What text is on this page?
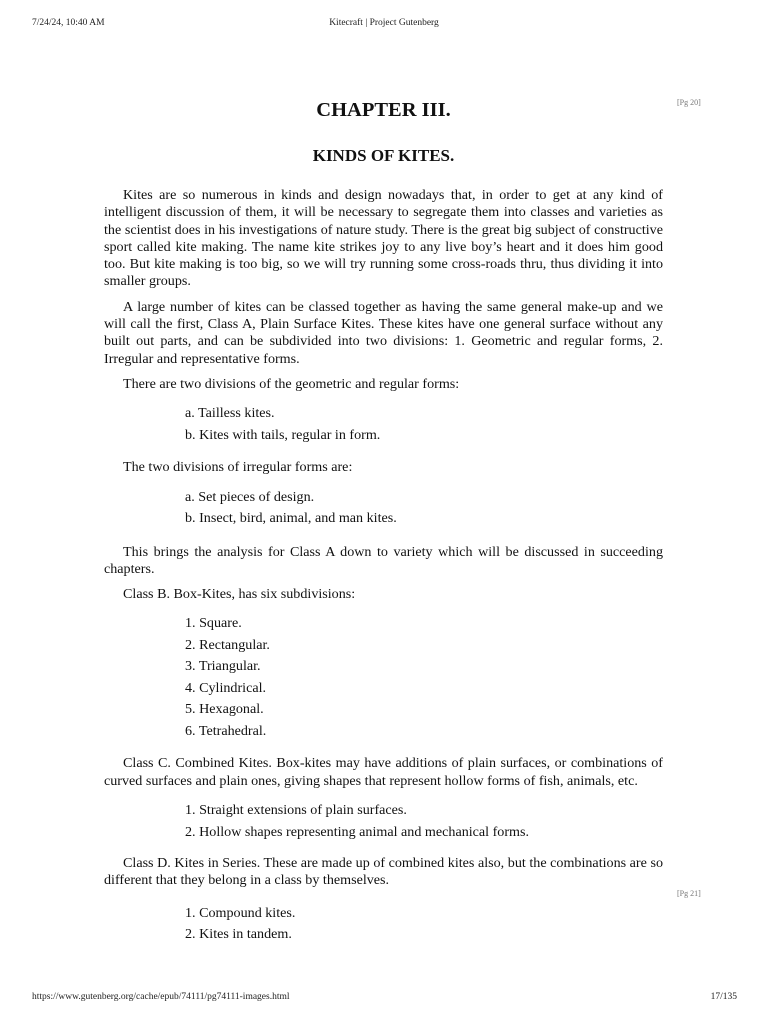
7/24/24, 10:40 AM	Kitecraft | Project Gutenberg
[Pg 20]
[Pg 21]
CHAPTER III.
KINDS OF KITES.

Kites are so numerous in kinds and design nowadays that, in order to get at any kind of intelligent discussion of them, it will be necessary to segregate them into classes and varieties as the scientist does in his investigations of nature study. There is the great big subject of constructive sport called kite making. The name kite strikes joy to any live boy’s heart and it does him good too. But kite making is too big, so we will try running some cross-roads thru, thus dividing it into smaller groups.

A large number of kites can be classed together as having the same general make-up and we will call the first, Class A, Plain Surface Kites. These kites have one general surface without any built out parts, and can be subdivided into two divisions: 1. Geometric and regular forms, 2. Irregular and representative forms.

There are two divisions of the geometric and regular forms:

a. Tailless kites.
b. Kites with tails, regular in form.

The two divisions of irregular forms are:

a. Set pieces of design.
b. Insect, bird, animal, and man kites.

This brings the analysis for Class A down to variety which will be discussed in succeeding chapters.

Class B. Box-Kites, has six subdivisions:

1. Square.
2. Rectangular.
3. Triangular.
4. Cylindrical.
5. Hexagonal.
6. Tetrahedral.

Class C. Combined Kites. Box-kites may have additions of plain surfaces, or combinations of curved surfaces and plain ones, giving shapes that represent hollow forms of fish, animals, etc.

1. Straight extensions of plain surfaces.
2. Hollow shapes representing animal and mechanical forms.

Class D. Kites in Series. These are made up of combined kites also, but the combinations are so different that they belong in a class by themselves.

1. Compound kites.
2. Kites in tandem.
https://www.gutenberg.org/cache/epub/74111/pg74111-images.html	17/135
